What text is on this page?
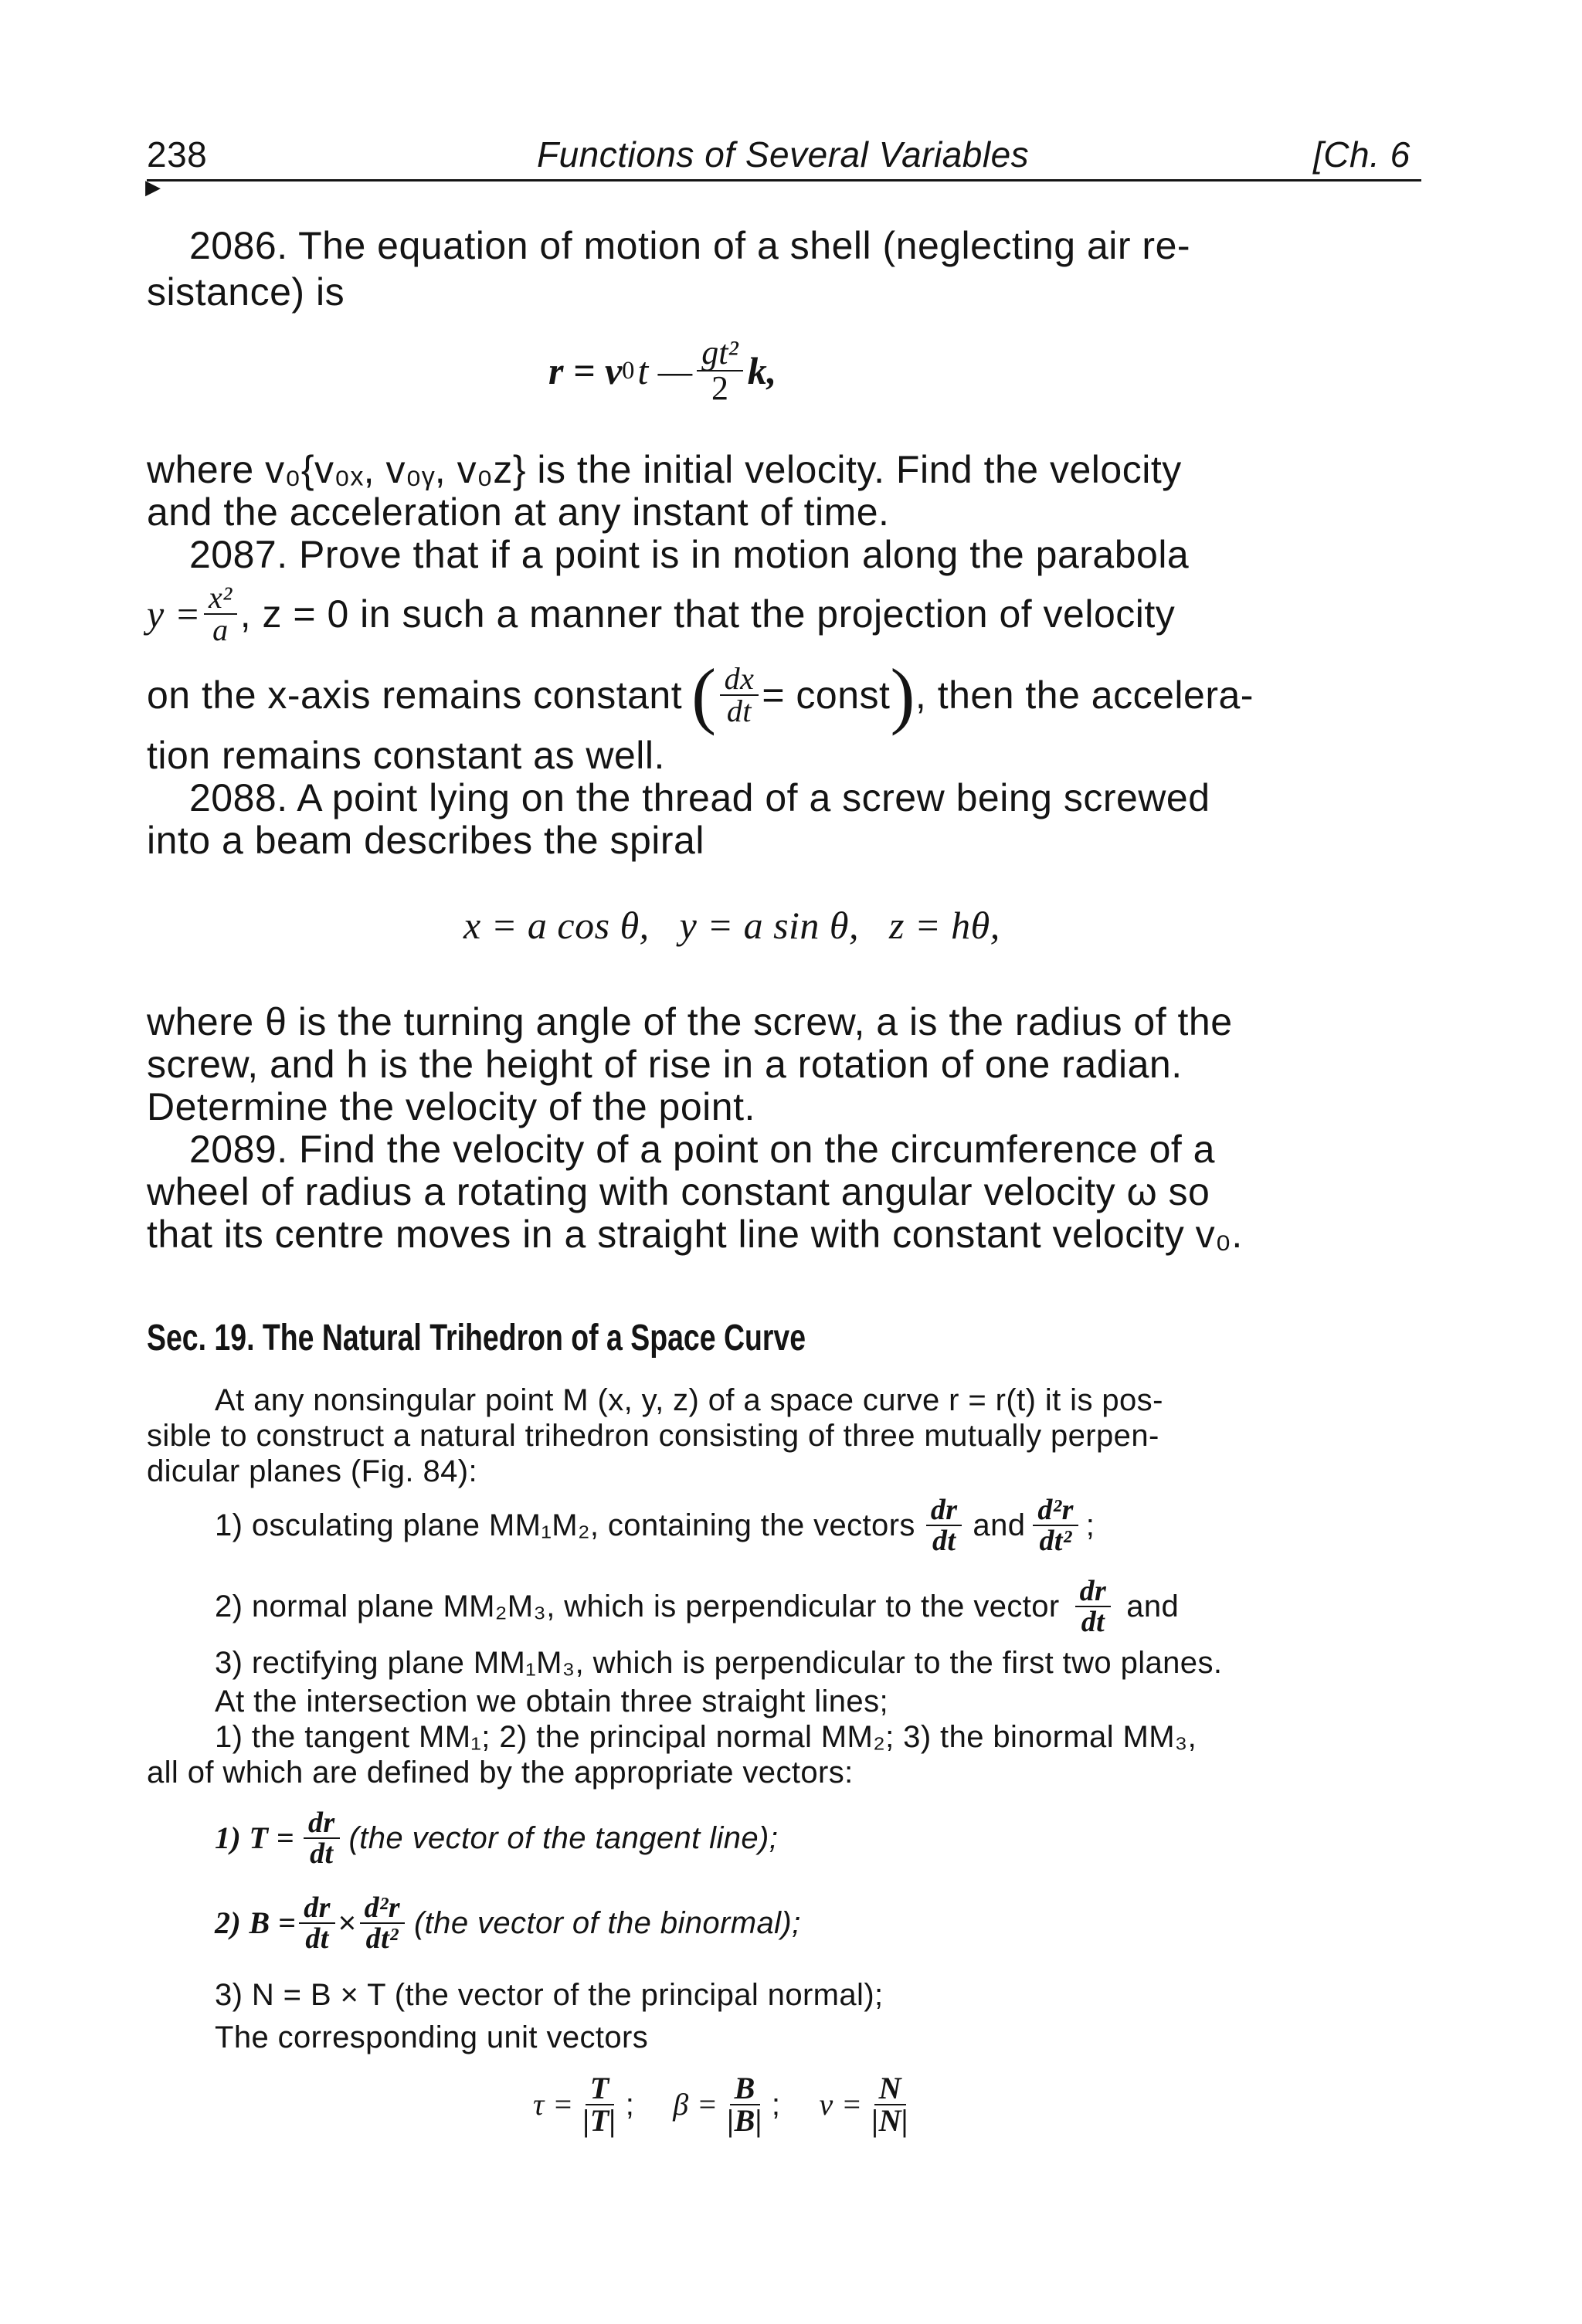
238	Functions of Several Variables	[Ch. 6
▶
2086. The equation of motion of a shell (neglecting air re-
sistance) is
r = v 0 t — $\frac{\text{gt²}}{2} k$,
where v₀{v₀ₓ, v₀ᵧ, v₀z} is the initial velocity. Find the velocity
and the acceleration at any instant of time.
2087. Prove that if a point is in motion along the parabola
$y = \frac{\text{x²}}{a}$ , z = 0 in such a manner that the projection of velocity
on the x-axis remains constant ( $\frac{dx}{dt}$ = const ) , then the accelera-
tion remains constant as well.
2088. A point lying on the thread of a screw being screwed
into a beam describes the spiral
x = a cos θ,   y = a sin θ,   z = hθ,
where θ is the turning angle of the screw, a is the radius of the
screw, and h is the height of rise in a rotation of one radian.
Determine the velocity of the point.
2089. Find the velocity of a point on the circumference of a
wheel of radius a rotating with constant angular velocity ω so
that its centre moves in a straight line with constant velocity v₀.
Sec. 19. The Natural Trihedron of a Space Curve
At any nonsingular point M (x, y, z) of a space curve r = r(t) it is pos-
sible to construct a natural trihedron consisting of three mutually perpen-
dicular planes (Fig. 84):
1) osculating plane MM₁M₂, containing the vectors $\frac{dr}{dt}$ and $\frac{\text{d²r}}{\text{dt²}}$ ;
2) normal plane MM₂M₃, which is perpendicular to the vector $\frac{dr}{dt}$ and
3) rectifying plane MM₁M₃, which is perpendicular to the first two planes.
At the intersection we obtain three straight lines;
1) the tangent MM₁; 2) the principal normal MM₂; 3) the binormal MM₃,
all of which are defined by the appropriate vectors:
1) $T = \frac{dr}{dt} (the$ vector of the tangent line);
2) $B = \frac{dr}{dt} \times \frac{\text{d²r}}{\text{dt²}} (the$ vector of the binormal);
3) N = B × T (the vector of the principal normal);
The corresponding unit vectors
$\tau = \frac{T}{|T|}$ ; $\beta = \frac{B}{|B|}$ ; $\nu = \frac{N}{|N|}$
